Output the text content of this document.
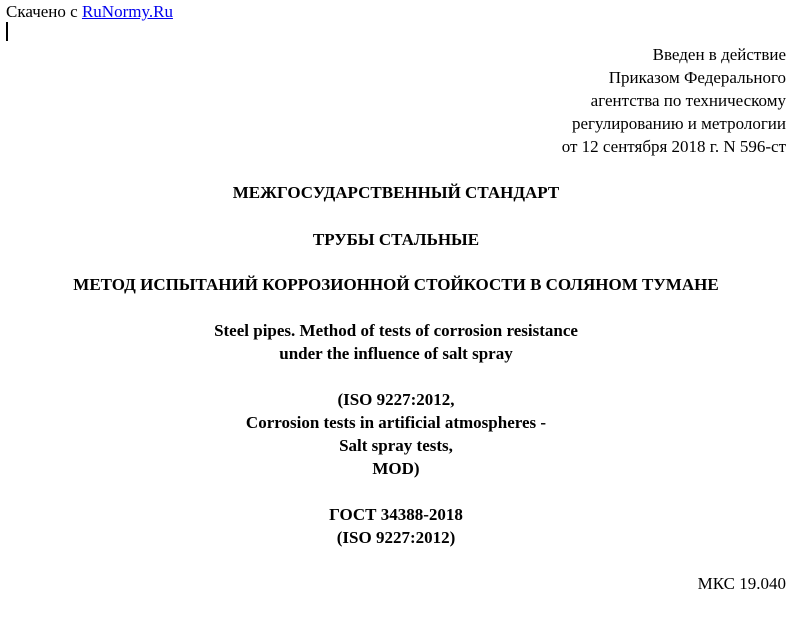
Скачено с RuNormy.Ru
Введен в действие
Приказом Федерального
агентства по техническому
регулированию и метрологии
от 12 сентября 2018 г. N 596-ст
МЕЖГОСУДАРСТВЕННЫЙ СТАНДАРТ
ТРУБЫ СТАЛЬНЫЕ
МЕТОД ИСПЫТАНИЙ КОРРОЗИОННОЙ СТОЙКОСТИ В СОЛЯНОМ ТУМАНЕ
Steel pipes. Method of tests of corrosion resistance
under the influence of salt spray
(ISO 9227:2012,
Corrosion tests in artificial atmospheres -
Salt spray tests,
MOD)
ГОСТ 34388-2018
(ISO 9227:2012)
МКС 19.040
